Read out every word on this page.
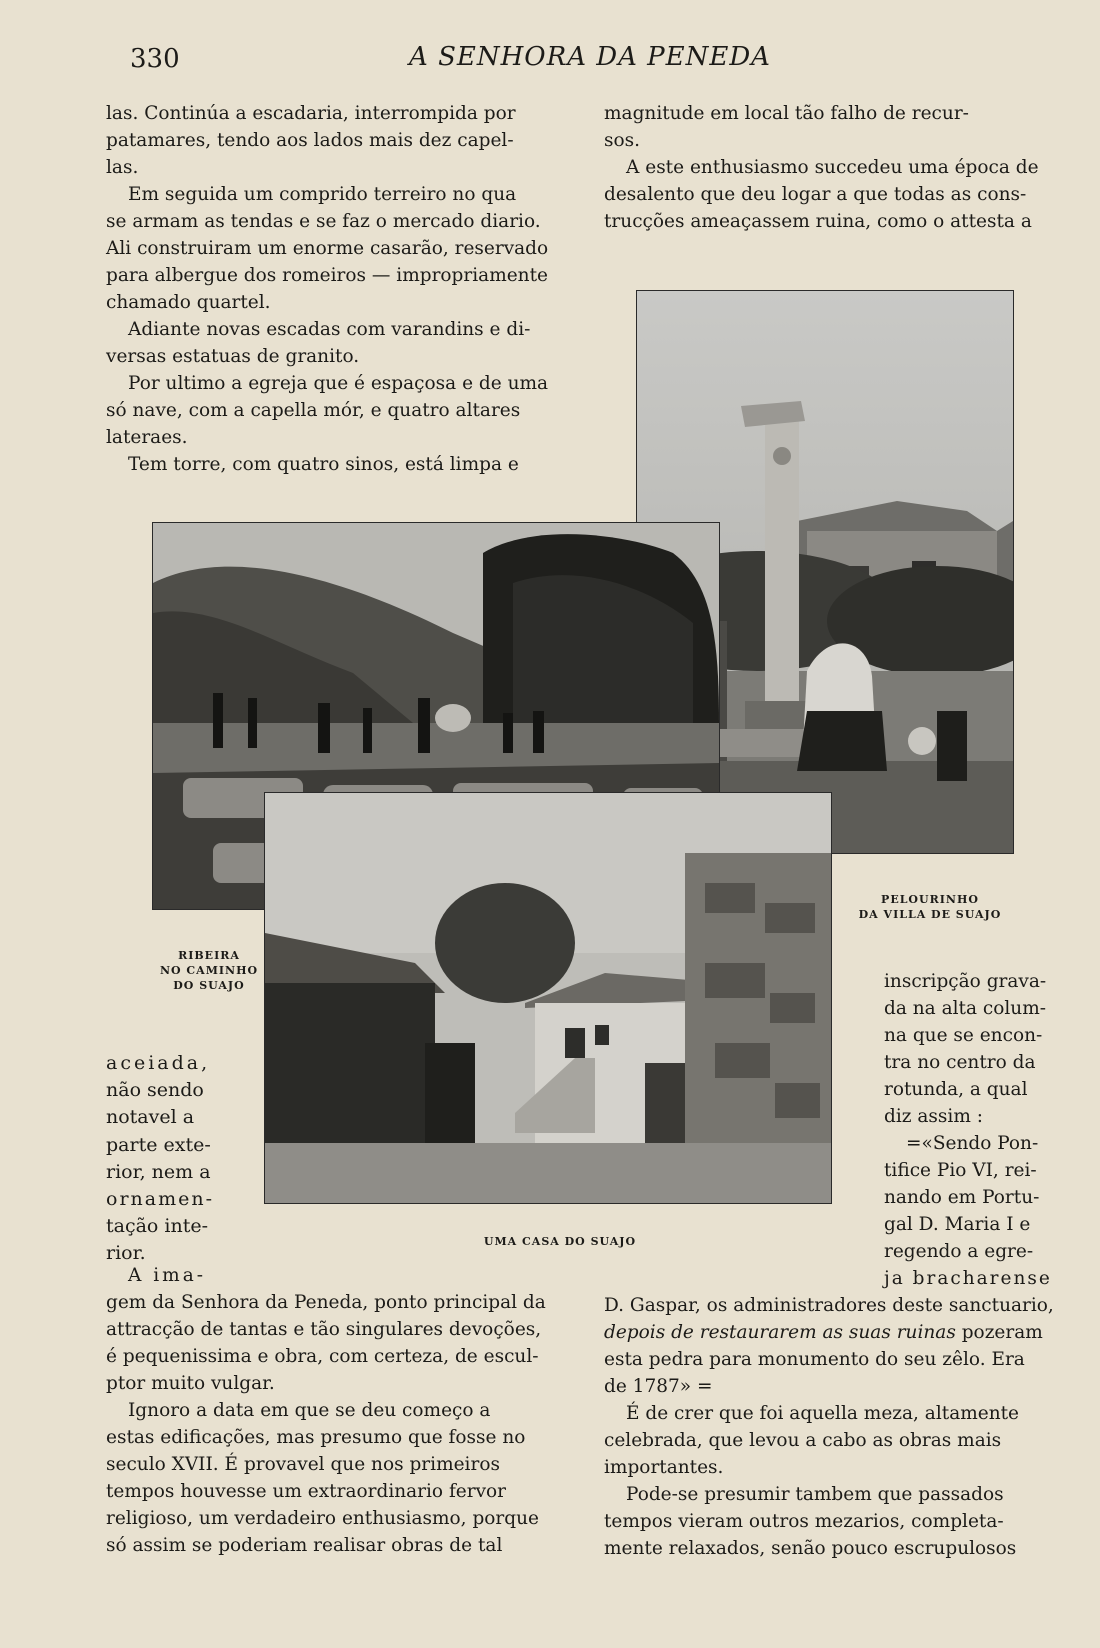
330	A SENHORA DA PENEDA
las. Continúa a escadaria, interrompida por
patamares, tendo aos lados mais dez capel-
las.
Em seguida um comprido terreiro no qua
se armam as tendas e se faz o mercado diario.
Ali construiram um enorme casarão, reservado
para albergue dos romeiros — impropriamente
chamado quartel.
Adiante novas escadas com varandins e di-
versas estatuas de granito.
Por ultimo a egreja que é espaçosa e de uma
só nave, com a capella mór, e quatro altares
lateraes.
Tem torre, com quatro sinos, está limpa e
magnitude em local tão falho de recur-
sos.
A este enthusiasmo succedeu uma época de
desalento que deu logar a que todas as cons-
trucções ameaçassem ruina, como o attesta a
PELOURINHO
DA VILLA DE SUAJO
RIBEIRA
NO CAMINHO
DO SUAJO
UMA CASA DO SUAJO
aceiada,
não sendo
notavel a
parte exte-
rior, nem a
ornamen-
tação inte-
rior.
A ima-
gem da Senhora da Peneda, ponto principal da
attracção de tantas e tão singulares devoções,
é pequenissima e obra, com certeza, de escul-
ptor muito vulgar.
Ignoro a data em que se deu começo a
estas edificações, mas presumo que fosse no
seculo XVII. É provavel que nos primeiros
tempos houvesse um extraordinario fervor
religioso, um verdadeiro enthusiasmo, porque
só assim se poderiam realisar obras de tal
inscripção grava-
da na alta colum-
na que se encon-
tra no centro da
rotunda, a qual
diz assim :
=«Sendo Pon-
tifice Pio VI, rei-
nando em Portu-
gal D. Maria I e
regendo a egre-
ja bracharense
D. Gaspar, os administradores deste sanctuario,
depois de restaurarem as suas ruinas pozeram
esta pedra para monumento do seu zêlo. Era
de 1787» =
É de crer que foi aquella meza, altamente
celebrada, que levou a cabo as obras mais
importantes.
Pode-se presumir tambem que passados
tempos vieram outros mezarios, completa-
mente relaxados, senão pouco escrupulosos
